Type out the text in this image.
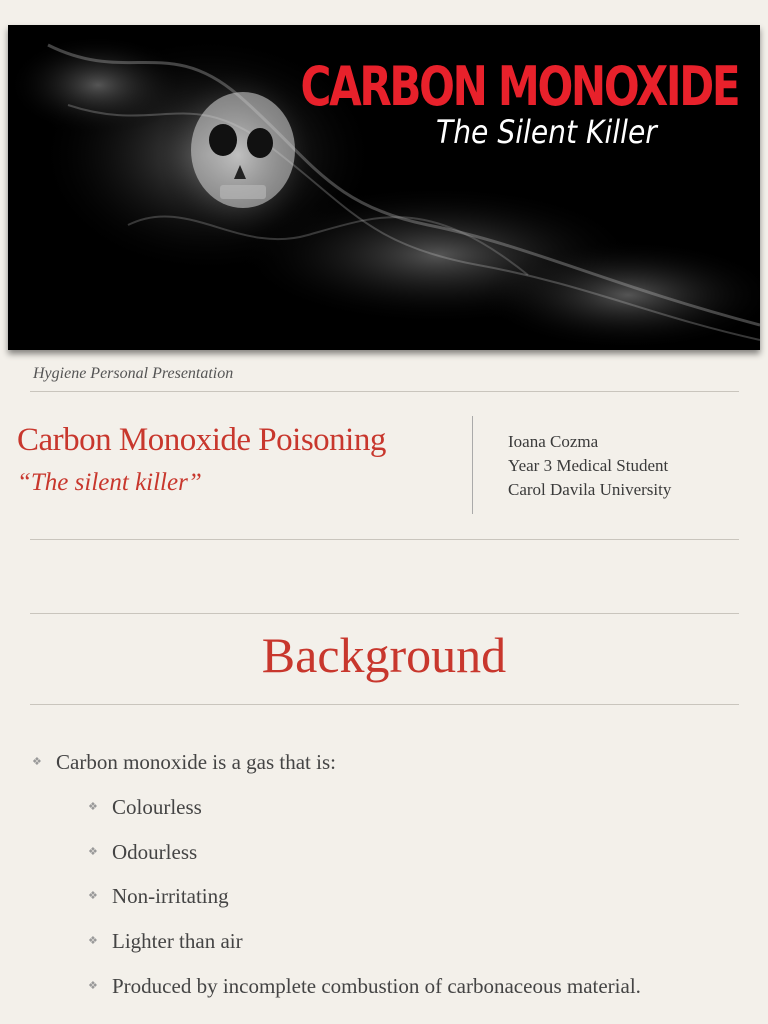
CARBON MONOXIDE
The Silent Killer
Hygiene Personal Presentation
Carbon Monoxide Poisoning
“The silent killer”
Ioana Cozma
Year 3 Medical Student
Carol Davila University
Background
❖ Carbon monoxide is a gas that is:
❖ Colourless
❖ Odourless
❖ Non-irritating
❖ Lighter than air
❖ Produced by incomplete combustion of carbonaceous material.
